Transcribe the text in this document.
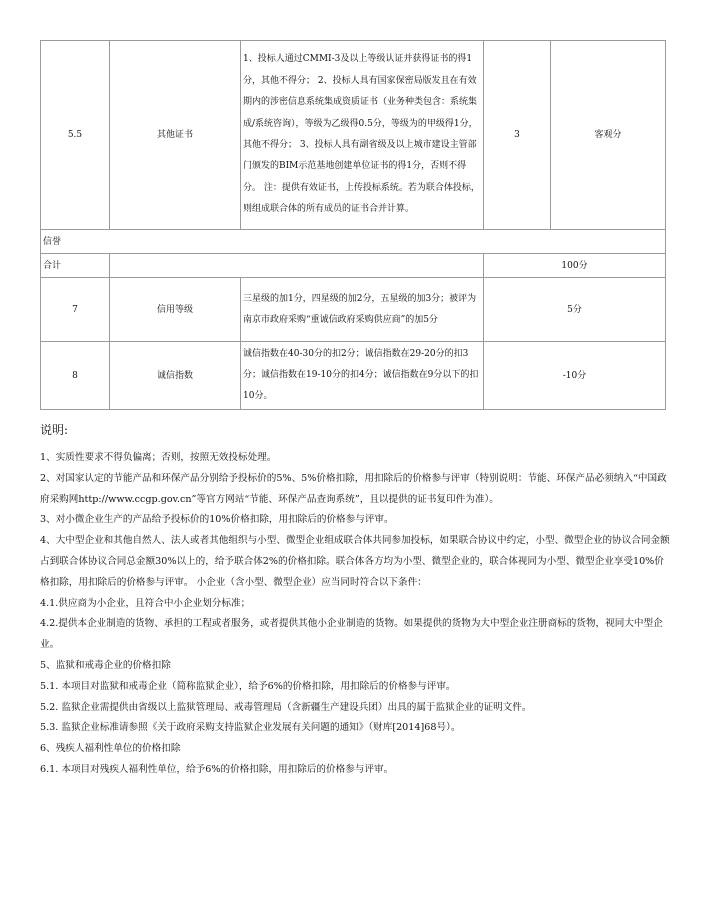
5.5	其他证书	1、投标人通过CMMI-3及以上等级认证并获得证书的得1分，其他不得分； 2、投标人具有国家保密局版发且在有效期内的涉密信息系统集成资质证书（业务种类包含：系统集成/系统咨询），等级为乙级得0.5分，等级为的甲级得1分，其他不得分； 3、投标人具有副省级及以上城市建设主管部门颁发的BIM示范基地创建单位证书的得1分，否则不得分。 注：提供有效证书，上传投标系统。若为联合体投标，则组成联合体的所有成员的证书合并计算。	3	客观分
信誉				
合计			100分	
7	信用等级	三星级的加1分，四星级的加2分，五星级的加3分；被评为南京市政府采购“重诚信政府采购供应商”的加5分	5分	
8	诚信指数	诚信指数在40-30分的扣2分；诚信指数在29-20分的扣3分；诚信指数在19-10分的扣4分；诚信指数在9分以下的扣10分。	-10分	
说明:

1、实质性要求不得负偏离；否则，按照无效投标处理。

2、对国家认定的节能产品和环保产品分别给予投标价的5%、5%价格扣除，用扣除后的价格参与评审（特别说明：节能、环保产品必须纳入“中国政府采购网http://www.ccgp.gov.cn”等官方网站“节能、环保产品查询系统”，且以提供的证书复印件为准）。

3、对小微企业生产的产品给予投标价的10%价格扣除，用扣除后的价格参与评审。

4、大中型企业和其他自然人、法人或者其他组织与小型、微型企业组成联合体共同参加投标，如果联合协议中约定，小型、微型企业的协议合同金额占到联合体协议合同总金额30%以上的，给予联合体2%的价格扣除。联合体各方均为小型、微型企业的，联合体视同为小型、微型企业享受10%价格扣除，用扣除后的价格参与评审。 小企业（含小型、微型企业）应当同时符合以下条件：

4.1.供应商为小企业，且符合中小企业划分标准；

4.2.提供本企业制造的货物、承担的工程或者服务，或者提供其他小企业制造的货物。如果提供的货物为大中型企业注册商标的货物，视同大中型企业。

5、监狱和戒毒企业的价格扣除

5.1. 本项目对监狱和戒毒企业（简称监狱企业），给予6%的价格扣除，用扣除后的价格参与评审。

5.2. 监狱企业需提供由省级以上监狱管理局、戒毒管理局（含新疆生产建设兵团）出具的属于监狱企业的证明文件。

5.3. 监狱企业标准请参照《关于政府采购支持监狱企业发展有关问题的通知》（财库[2014]68号）。

6、残疾人福利性单位的价格扣除

6.1. 本项目对残疾人福利性单位，给予6%的价格扣除，用扣除后的价格参与评审。
